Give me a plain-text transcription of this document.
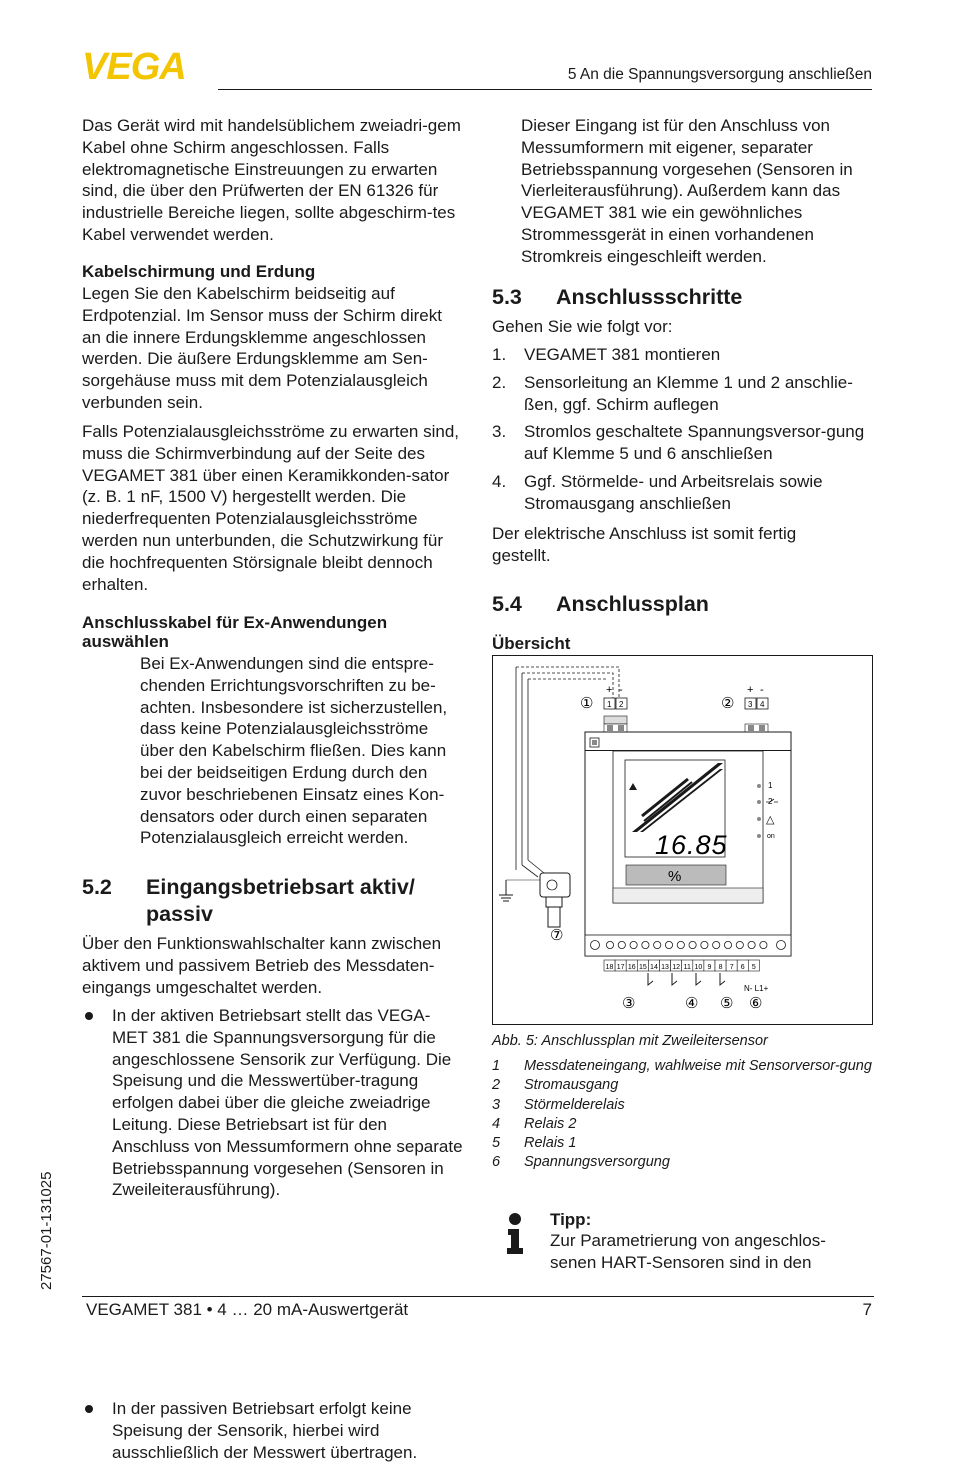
VEGA	5 An die Spannungsversorgung anschließen
27567-01-131025

Das Gerät wird mit handelsüblichem zweiadri-gem Kabel ohne Schirm angeschlossen. Falls elektromagnetische Einstreuungen zu erwarten sind, die über den Prüfwerten der EN 61326 für industrielle Bereiche liegen, sollte abgeschirm-tes Kabel verwendet werden.

Kabelschirmung und Erdung

Legen Sie den Kabelschirm beidseitig auf Erdpotenzial. Im Sensor muss der Schirm direkt an die innere Erdungsklemme angeschlossen werden. Die äußere Erdungsklemme am Sen-sorgehäuse muss mit dem Potenzialausgleich verbunden sein.

Falls Potenzialausgleichsströme zu erwarten sind, muss die Schirmverbindung auf der Seite des VEGAMET 381 über einen Keramikkonden-sator (z. B. 1 nF, 1500 V) hergestellt werden. Die niederfrequenten Potenzialausgleichsströme werden nun unterbunden, die Schutzwirkung für die hochfrequenten Störsignale bleibt dennoch erhalten.

Anschlusskabel für Ex-Anwendungen auswählen

Bei Ex-Anwendungen sind die entspre-chenden Errichtungsvorschriften zu be-achten. Insbesondere ist sicherzustellen, dass keine Potenzialausgleichsströme über den Kabelschirm fließen. Dies kann bei der beidseitigen Erdung durch den zuvor beschriebenen Einsatz eines Kon-densators oder durch einen separaten Potenzialausgleich erreicht werden.

5.2	Eingangsbetriebsart aktiv/ passiv

Über den Funktionswahlschalter kann zwischen aktivem und passivem Betrieb des Messdaten-eingangs umgeschaltet werden.

In der aktiven Betriebsart stellt das VEGA-MET 381 die Spannungsversorgung für die angeschlossene Sensorik zur Verfügung. Die Speisung und die Messwertüber-tragung erfolgen dabei über die gleiche zweiadrige Leitung. Diese Betriebsart ist für den Anschluss von Messumformern ohne separate Betriebsspannung vorgesehen (Sensoren in Zweileiterausführung).

In der passiven Betriebsart erfolgt keine Speisung der Sensorik, hierbei wird ausschließlich der Messwert übertragen.

Dieser Eingang ist für den Anschluss von Messumformern mit eigener, separater Betriebsspannung vorgesehen (Sensoren in Vierleiterausführung). Außerdem kann das VEGAMET 381 wie ein gewöhnliches Strommessgerät in einen vorhandenen Stromkreis eingeschleift werden.

5.3 Anschlussschritte

Gehen Sie wie folgt vor:

1. VEGAMET 381 montieren
2. Sensorleitung an Klemme 1 und 2 anschlie-ßen, ggf. Schirm auflegen
3. Stromlos geschaltete Spannungsversor-gung auf Klemme 5 und 6 anschließen
4. Ggf. Störmelde- und Arbeitsrelais sowie Stromausgang anschließen

Der elektrische Anschluss ist somit fertig gestellt.

5.4 Anschlussplan
Übersicht
+ -	+ -
1 2	3 4
①	②
16.85
%
1
2
△
on
18 17 16 15 14 13 12 11 10 9 8 7 6 5
N- L1+
③	④ ⑤ ⑥
⑦
Abb. 5: Anschlussplan mit Zweileitersensor
1 Messdateneingang, wahlweise mit Sensorversor-gung
2 Stromausgang
3 Störmelderelais
4 Relais 2
5 Relais 1
6 Spannungsversorgung
Tipp:

Zur Parametrierung von angeschlos-senen HART-Sensoren sind in den

VEGAMET 381 • 4 … 20 mA-Auswertgerät	7
